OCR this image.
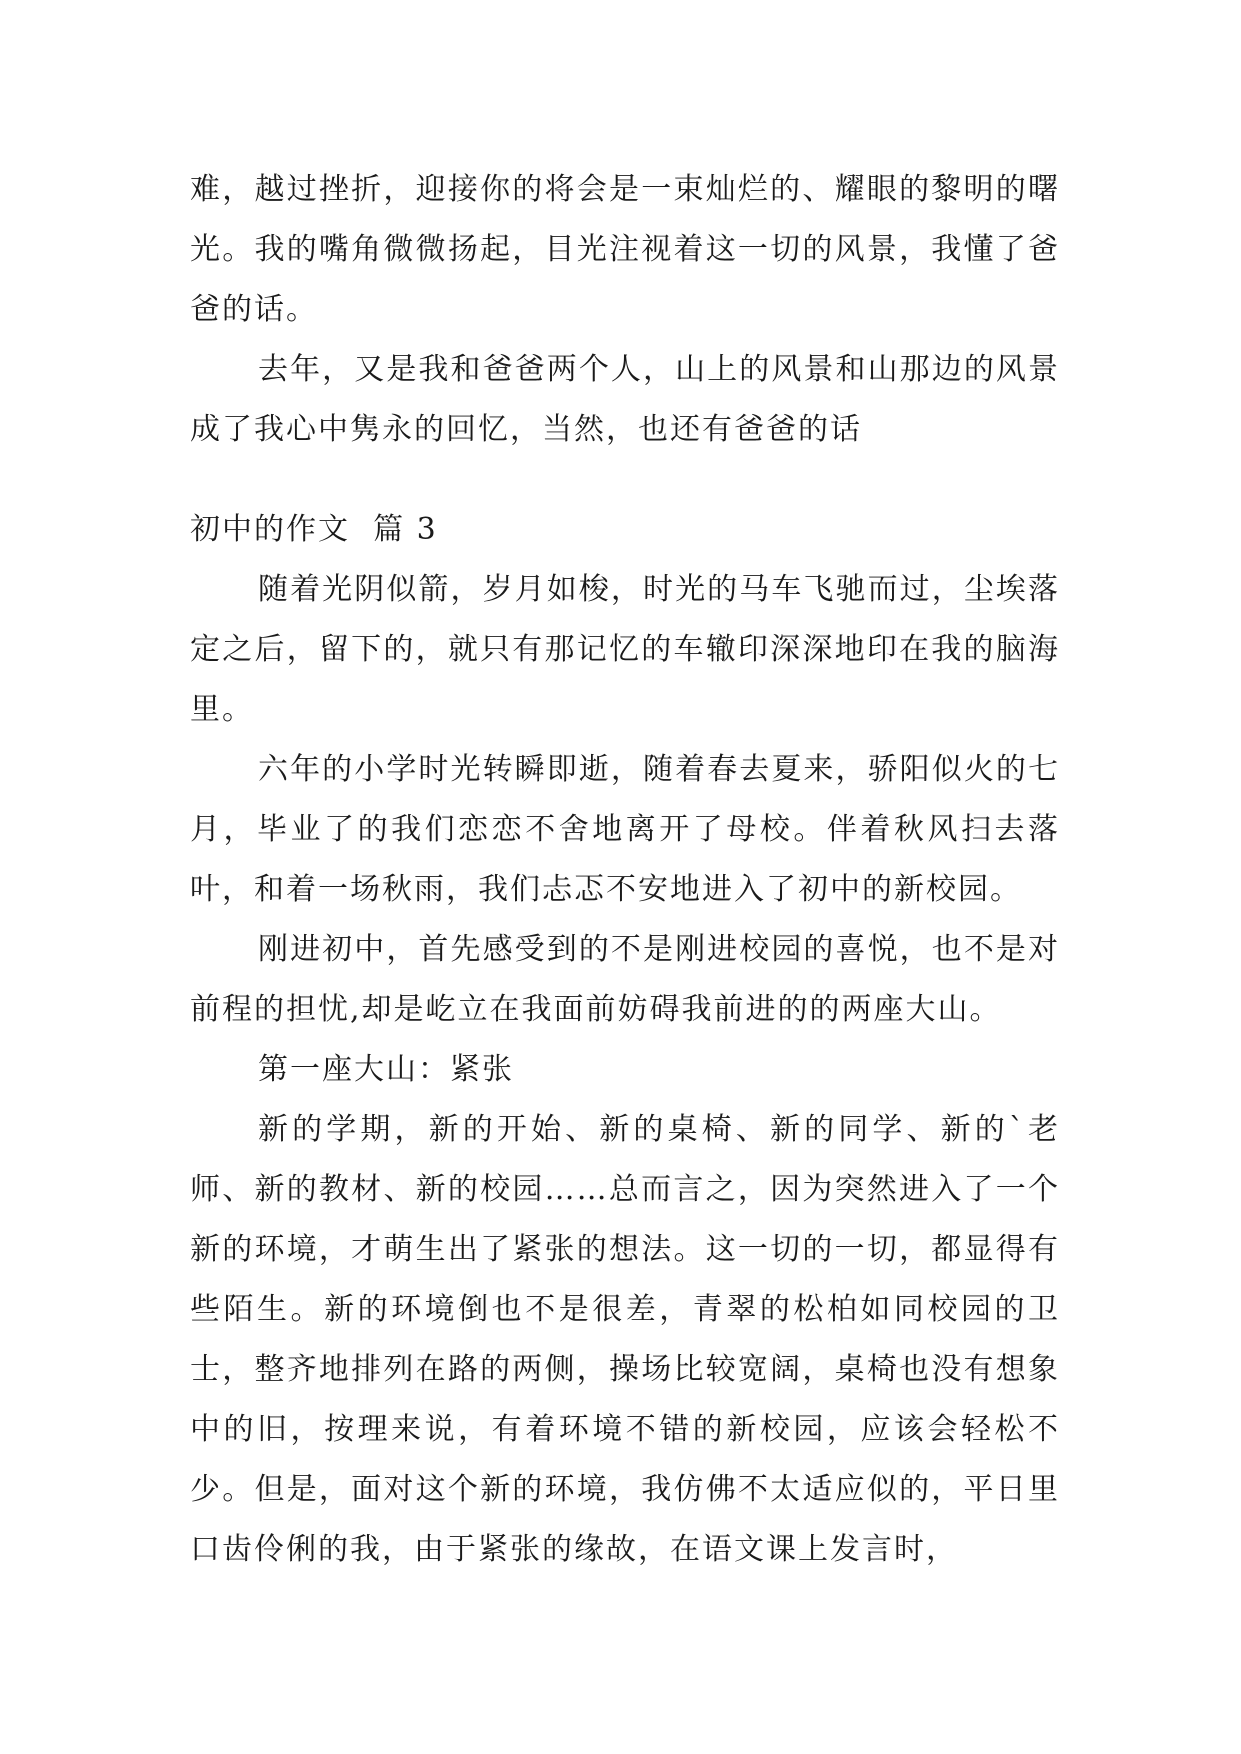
难，越过挫折，迎接你的将会是一束灿烂的、耀眼的黎明的曙光。我的嘴角微微扬起，目光注视着这一切的风景，我懂了爸爸的话。

去年，又是我和爸爸两个人，山上的风景和山那边的风景成了我心中隽永的回忆，当然，也还有爸爸的话

初中的作文  篇 3

随着光阴似箭，岁月如梭，时光的马车飞驰而过，尘埃落定之后，留下的，就只有那记忆的车辙印深深地印在我的脑海里。

六年的小学时光转瞬即逝，随着春去夏来，骄阳似火的七月，毕业了的我们恋恋不舍地离开了母校。伴着秋风扫去落叶，和着一场秋雨，我们忐忑不安地进入了初中的新校园。

刚进初中，首先感受到的不是刚进校园的喜悦，也不是对前程的担忧,却是屹立在我面前妨碍我前进的的两座大山。

第一座大山：紧张

新的学期，新的开始、新的桌椅、新的同学、新的`老师、新的教材、新的校园……总而言之，因为突然进入了一个新的环境，才萌生出了紧张的想法。这一切的一切，都显得有些陌生。新的环境倒也不是很差，青翠的松柏如同校园的卫士，整齐地排列在路的两侧，操场比较宽阔，桌椅也没有想象中的旧，按理来说，有着环境不错的新校园，应该会轻松不少。但是，面对这个新的环境，我仿佛不太适应似的，平日里口齿伶俐的我，由于紧张的缘故，在语文课上发言时，
